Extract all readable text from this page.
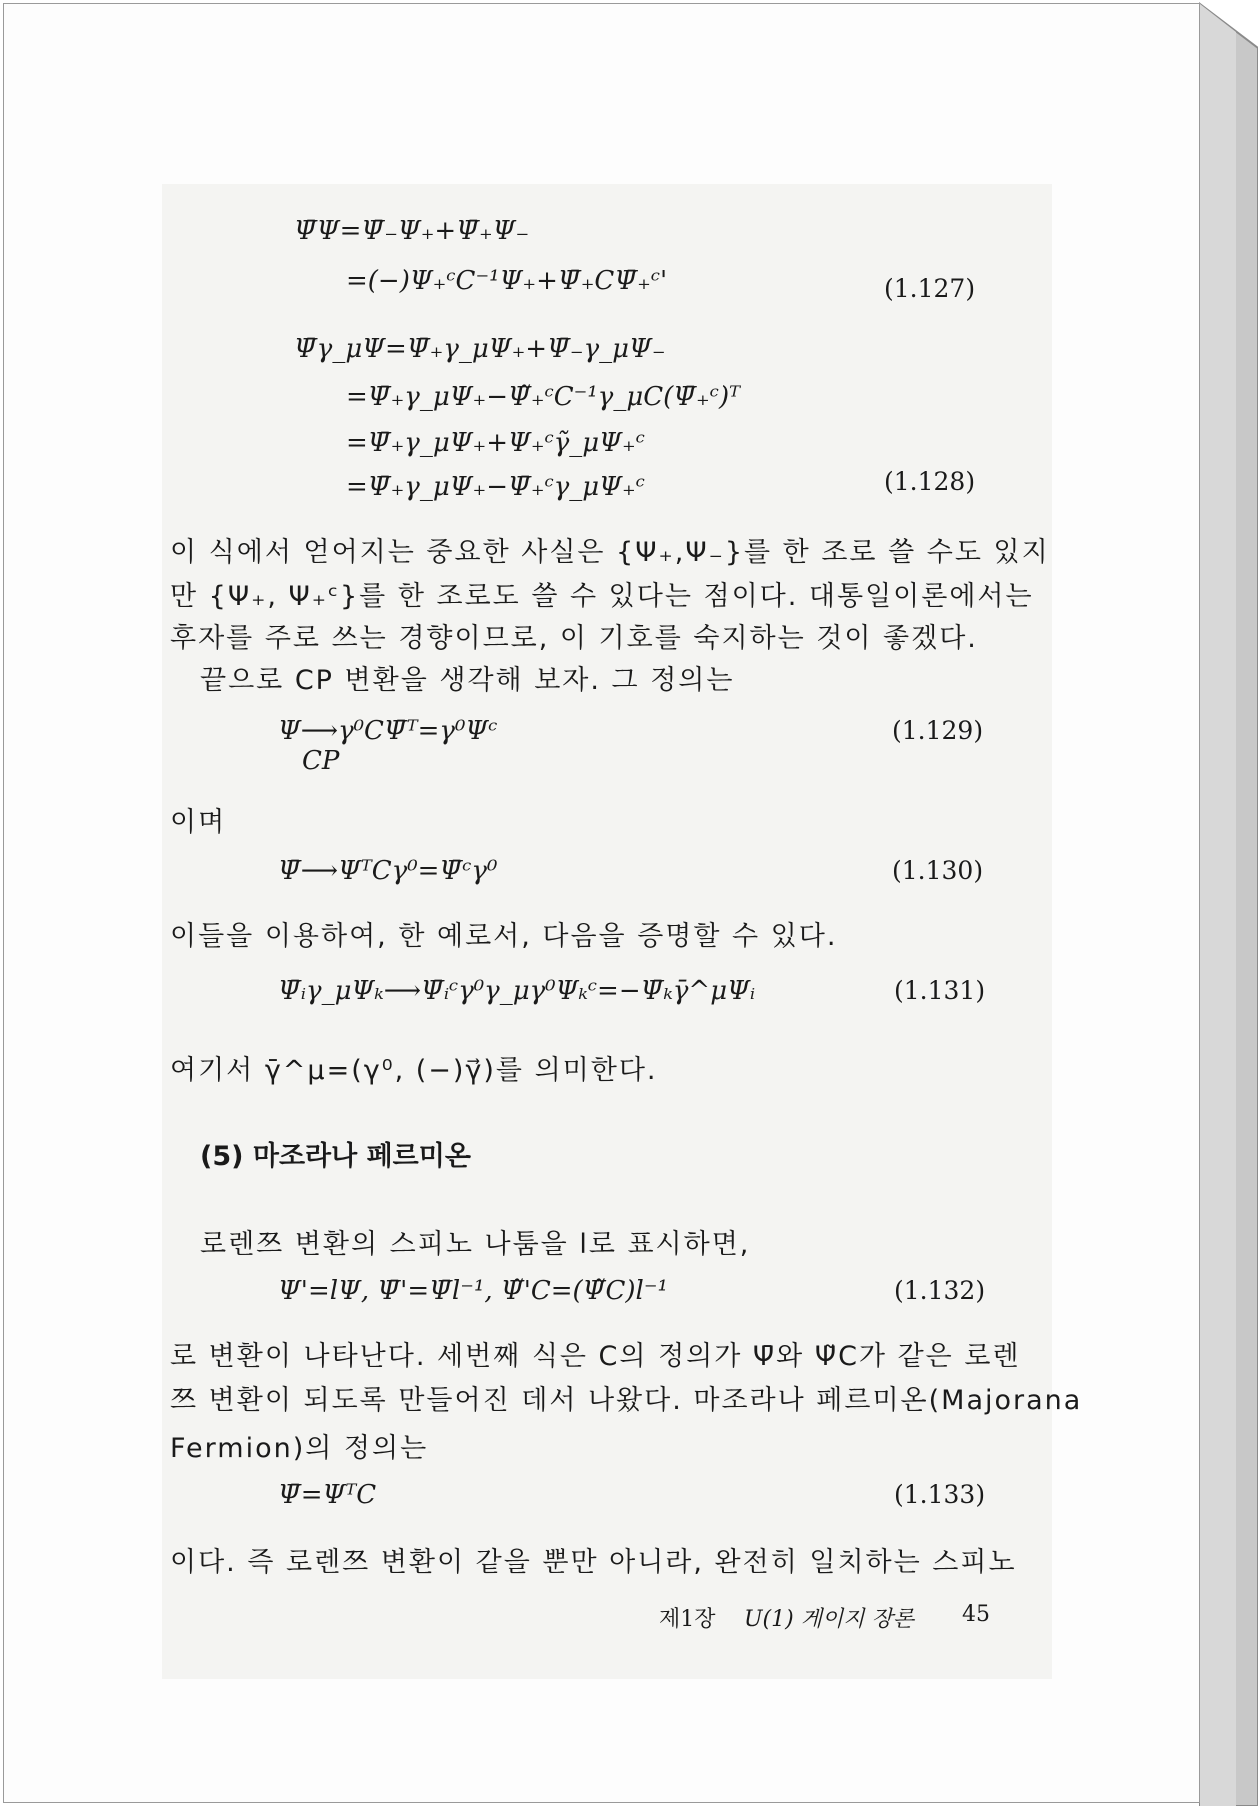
Ψ̄Ψ=Ψ̄₋Ψ₊+Ψ̄₊Ψ₋
=(−)Ψ₊ᶜC⁻¹Ψ₊+Ψ̄₊CΨ̄₊ᶜ'	(1.127)
Ψ̄γ_μΨ=Ψ̄₊γ_μΨ₊+Ψ̄₋γ_μΨ₋
=Ψ̄₊γ_μΨ₊−Ψ̃₊ᶜC⁻¹γ_μC(Ψ̄₊ᶜ)ᵀ
=Ψ̄₊γ_μΨ₊+Ψ₊ᶜγ̃_μΨ₊ᶜ
=Ψ̄₊γ_μΨ₊−Ψ̄₊ᶜγ_μΨ₊ᶜ	(1.128)
이 식에서 얻어지는 중요한 사실은 {Ψ₊,Ψ₋}를 한 조로 쓸 수도 있지
만 {Ψ₊, Ψ₊ᶜ}를 한 조로도 쓸 수 있다는 점이다. 대통일이론에서는
후자를 주로 쓰는 경향이므로, 이 기호를 숙지하는 것이 좋겠다.
끝으로 CP 변환을 생각해 보자. 그 정의는
Ψ⟶γ⁰CΨ̄ᵀ=γ⁰Ψᶜ
CP
(1.129)
이며
Ψ̄⟶ΨᵀCγ⁰=Ψ̄ᶜγ⁰	(1.130)
이들을 이용하여, 한 예로서, 다음을 증명할 수 있다.
Ψ̄ᵢγ_μΨₖ⟶Ψ̄ᵢᶜγ⁰γ_μγ⁰Ψₖᶜ=−Ψ̄ₖγ̄^μΨᵢ	(1.131)
여기서 γ̄^μ=(γ⁰, (−)γ⃗)를 의미한다.
(5) 마조라나 페르미온
로렌쯔 변환의 스피노 나툼을 l로 표시하면,
Ψ'=lΨ, Ψ̄'=Ψ̄l⁻¹, Ψ̃'C=(Ψ̃C)l⁻¹	(1.132)
로 변환이 나타난다. 세번째 식은 C의 정의가 Ψ̄와 Ψ̃C가 같은 로렌
쯔 변환이 되도록 만들어진 데서 나왔다. 마조라나 페르미온(Majorana
Fermion)의 정의는
Ψ̄=ΨᵀC	(1.133)
이다. 즉 로렌쯔 변환이 같을 뿐만 아니라, 완전히 일치하는 스피노
제1장 U(1) 게이지 장론 45
